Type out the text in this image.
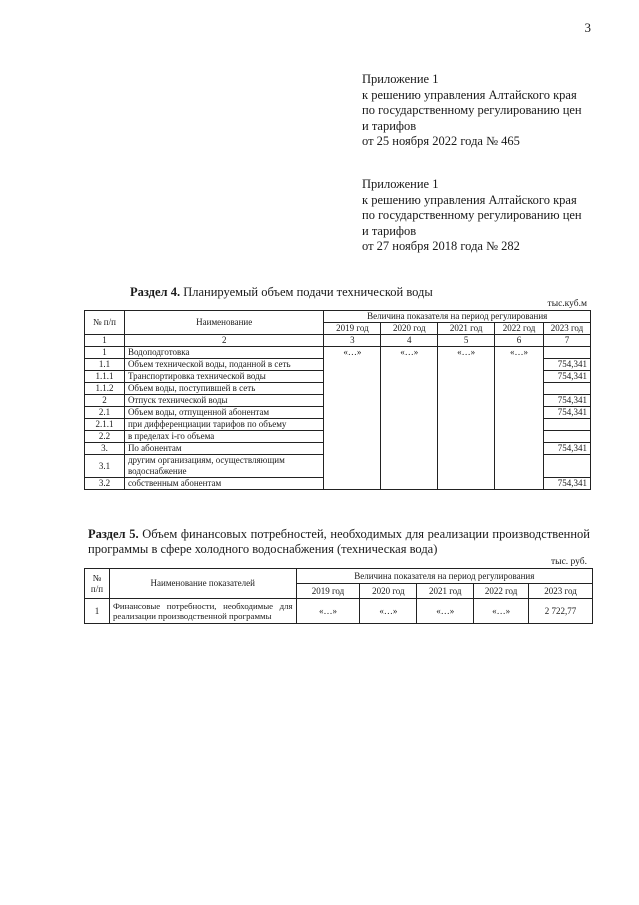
3
Приложение 1
к решению управления Алтайского края
по государственному регулированию цен
и тарифов
от 25 ноября 2022 года № 465
Приложение 1
к решению управления Алтайского края
по государственному регулированию цен
и тарифов
от 27 ноября 2018 года № 282
Раздел 4. Планируемый объем подачи технической воды
тыс.куб.м
№ п/п	Наименование	Величина показателя на период регулирования				
		2019 год	2020 год	2021 год	2022 год	2023 год
1	2	3	4	5	6	7
1	Водоподготовка	«…»	«…»	«…»	«…»	
1.1	Объем технической воды, поданной в сеть					754,341
1.1.1	Транспортировка технической воды					754,341
1.1.2	Объем воды, поступившей в сеть					
2	Отпуск технической воды					754,341
2.1	Объем воды, отпущенной абонентам					754,341
2.1.1	при дифференциации тарифов по объему					
2.2	в пределах i-го объема					
3.	По абонентам					754,341
3.1	другим организациям, осуществляющим водоснабжение					
3.2	собственным абонентам					754,341
Раздел 5. Объем финансовых потребностей, необходимых для реализации производственной программы в сфере холодного водоснабжения (техническая вода)
тыс. руб.
№ п/п	Наименование показателей	Величина показателя на период регулирования				
		2019 год	2020 год	2021 год	2022 год	2023 год
1	Финансовые потребности, необходимые для реализации производственной программы	«…»	«…»	«…»	«…»	2 722,77
